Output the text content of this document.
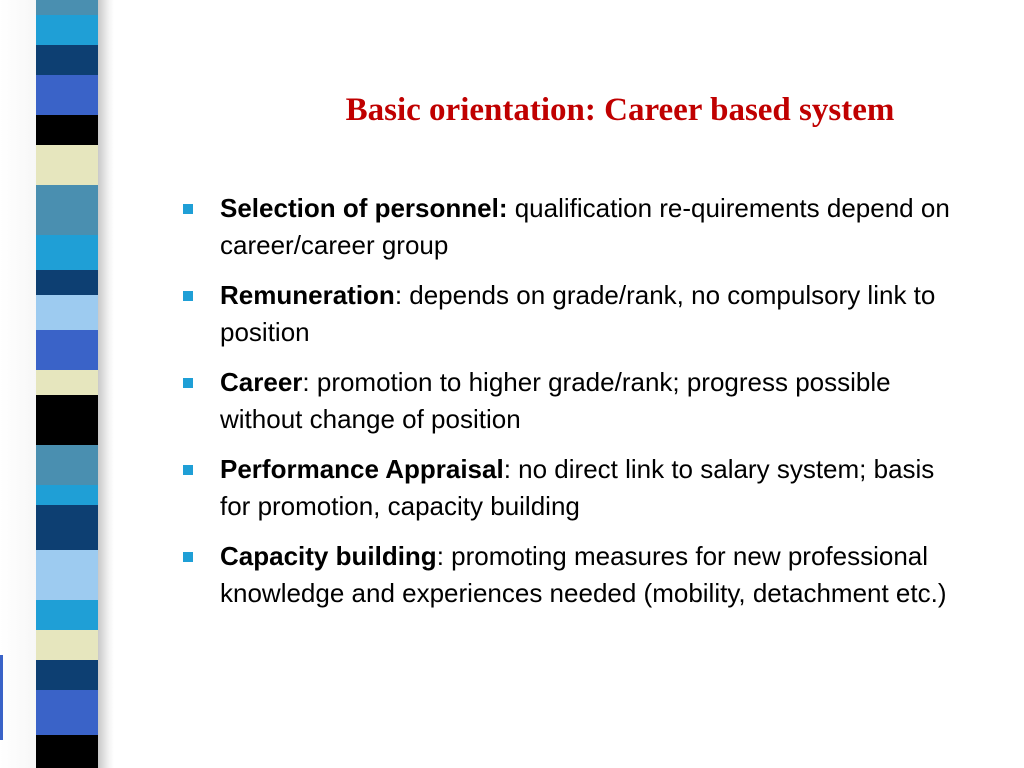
Basic orientation: Career based system
Selection of personnel: qualification re-quirements depend on career/career group
Remuneration: depends on grade/rank, no compulsory link to position
Career: promotion to higher grade/rank; progress possible without change of position
Performance Appraisal: no direct link to salary system; basis for promotion, capacity building
Capacity building: promoting measures for new professional knowledge and experiences needed (mobility, detachment etc.)
